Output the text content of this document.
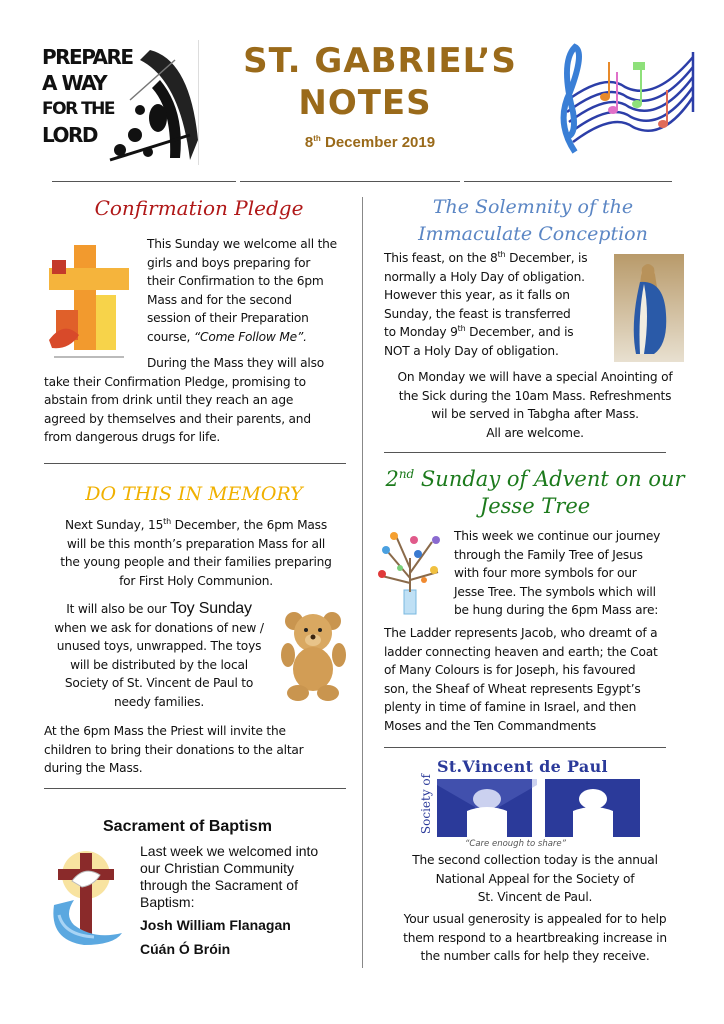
PREPARE
A WAY
FOR THE
LORD
ST. GABRIEL’S
NOTES
8th December 2019
Confirmation Pledge
This Sunday we welcome all the
girls and boys preparing for
their Confirmation to the 6pm
Mass and for the second
session of their Preparation
course, “Come Follow Me”.
During the Mass they will also
take their Confirmation Pledge, promising to
abstain from drink until they reach an age
agreed by themselves and their parents, and
from dangerous drugs for life.
DO THIS IN MEMORY
Next Sunday, 15th December, the 6pm Mass
will be this month’s preparation Mass for all
the young people and their families preparing
for First Holy Communion.
It will also be our Toy Sunday
when we ask for donations of new /
unused toys, unwrapped. The toys
will be distributed by the local
Society of St. Vincent de Paul to
needy families.
At the 6pm Mass the Priest will invite the
children to bring their donations to the altar
during the Mass.
Sacrament of Baptism
Last week we welcomed into
our Christian Community
through the Sacrament of
Baptism:
Josh William Flanagan
Cúán Ó Bróin
The Solemnity of the
Immaculate Conception
This feast, on the 8th December, is
normally a Holy Day of obligation.
However this year, as it falls on
Sunday, the feast is transferred
to Monday 9th December, and is
NOT a Holy Day of obligation.
On Monday we will have a special Anointing of
the Sick during the 10am Mass. Refreshments
wil be served in Tabgha after Mass.
All are welcome.
2nd Sunday of Advent on our
Jesse Tree
This week we continue our journey
through the Family Tree of Jesus
with four more symbols for our
Jesse Tree. The symbols which will
be hung during the 6pm Mass are:
The Ladder represents Jacob, who dreamt of a
ladder connecting heaven and earth; the Coat
of Many Colours is for Joseph, his favoured
son, the Sheaf of Wheat represents Egypt’s
plenty in time of famine in Israel, and then
Moses and the Ten Commandments
St.Vincent de Paul
Society of
“Care enough to share”
The second collection today is the annual
National Appeal for the Society of
St. Vincent de Paul.
Your usual generosity is appealed for to help
them respond to a heartbreaking increase in
the number calls for help they receive.
